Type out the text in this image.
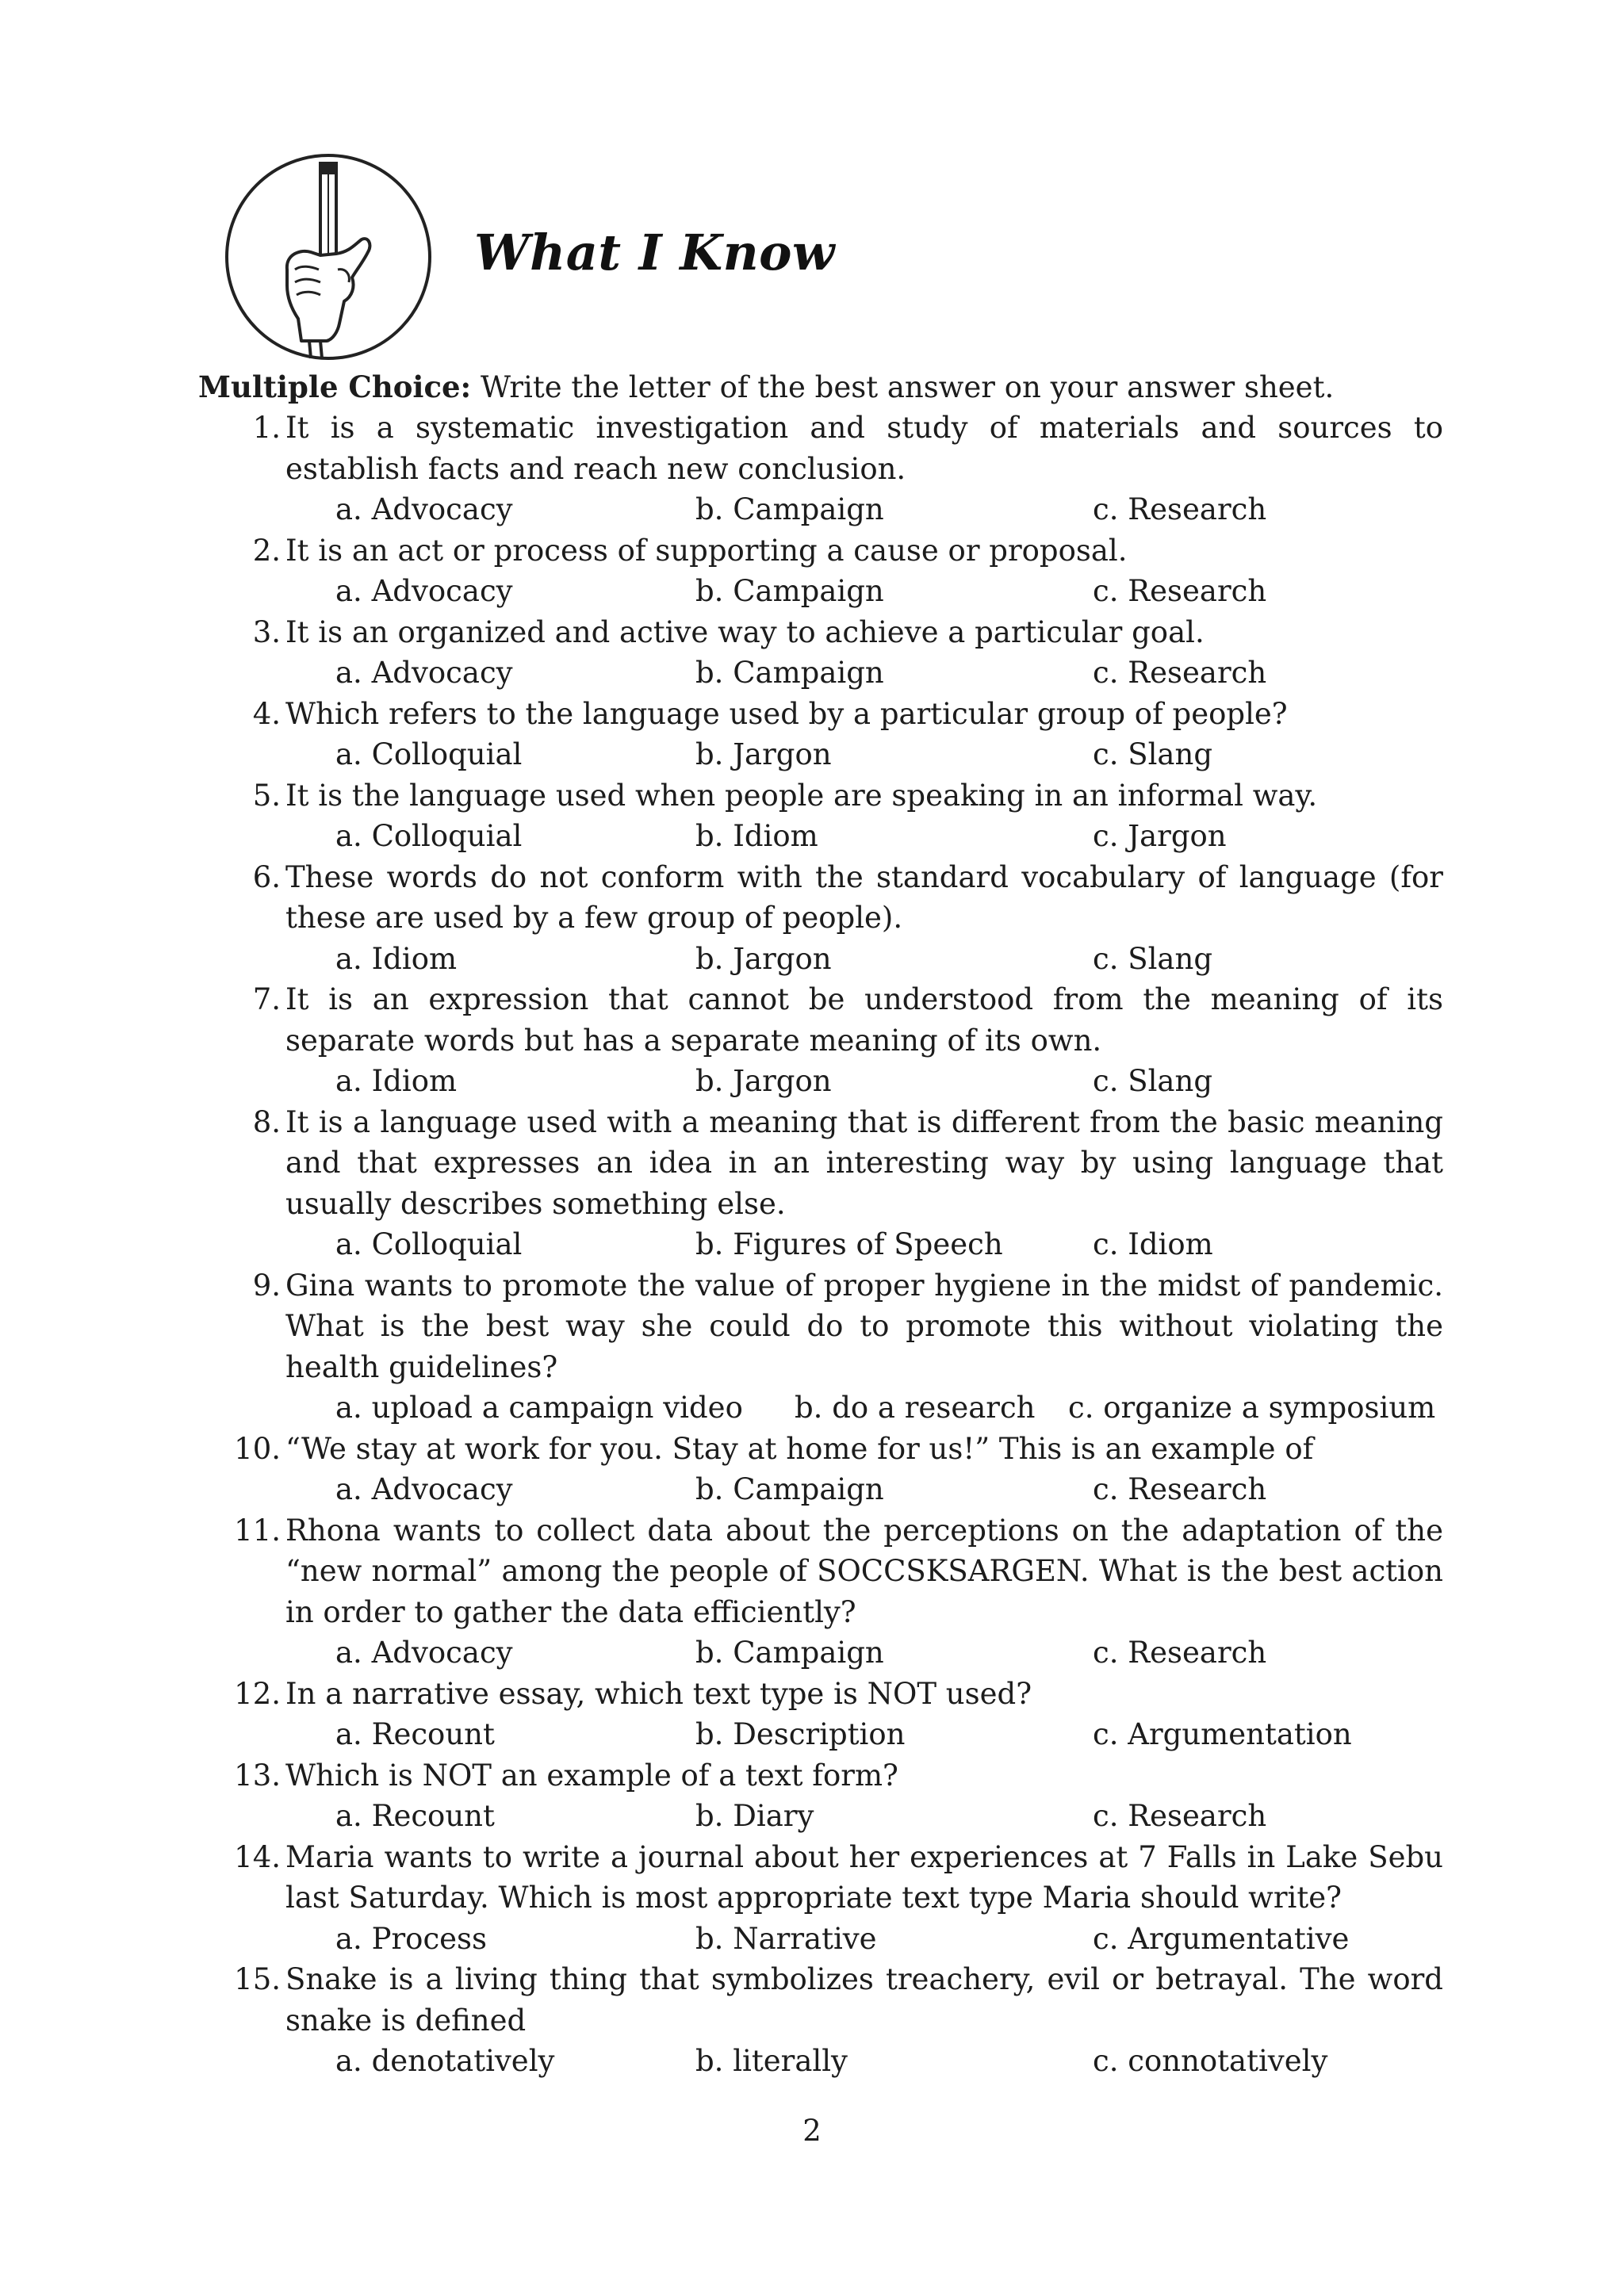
What I Know
Multiple Choice: Write the letter of the best answer on your answer sheet.
1. It is a systematic investigation and study of materials and sources to establish facts and reach new conclusion.
a. Advocacy	b. Campaign	c. Research
2. It is an act or process of supporting a cause or proposal.
a. Advocacy	b. Campaign	c. Research
3. It is an organized and active way to achieve a particular goal.
a. Advocacy	b. Campaign	c. Research
4. Which refers to the language used by a particular group of people?
a. Colloquial	b. Jargon	c. Slang
5. It is the language used when people are speaking in an informal way.
a. Colloquial	b. Idiom	c. Jargon
6. These words do not conform with the standard vocabulary of language (for these are used by a few group of people).
a. Idiom	b. Jargon	c. Slang
7. It is an expression that cannot be understood from the meaning of its separate words but has a separate meaning of its own.
a. Idiom	b. Jargon	c. Slang
8. It is a language used with a meaning that is different from the basic meaning and that expresses an idea in an interesting way by using language that usually describes something else.
a. Colloquial	b. Figures of Speech	c. Idiom
9. Gina wants to promote the value of proper hygiene in the midst of pandemic. What is the best way she could do to promote this without violating the health guidelines?
a. upload a campaign video b. do a research c. organize a symposium
10. “We stay at work for you. Stay at home for us!” This is an example of
a. Advocacy	b. Campaign	c. Research
11. Rhona wants to collect data about the perceptions on the adaptation of the “new normal” among the people of SOCCSKSARGEN. What is the best action in order to gather the data efficiently?
a. Advocacy	b. Campaign	c. Research
12. In a narrative essay, which text type is NOT used?
a. Recount	b. Description	c. Argumentation
13. Which is NOT an example of a text form?
a. Recount	b. Diary	c. Research
14. Maria wants to write a journal about her experiences at 7 Falls in Lake Sebu last Saturday. Which is most appropriate text type Maria should write?
a. Process	b. Narrative	c. Argumentative
15. Snake is a living thing that symbolizes treachery, evil or betrayal. The word snake is defined
a. denotatively	b. literally	c. connotatively
2
